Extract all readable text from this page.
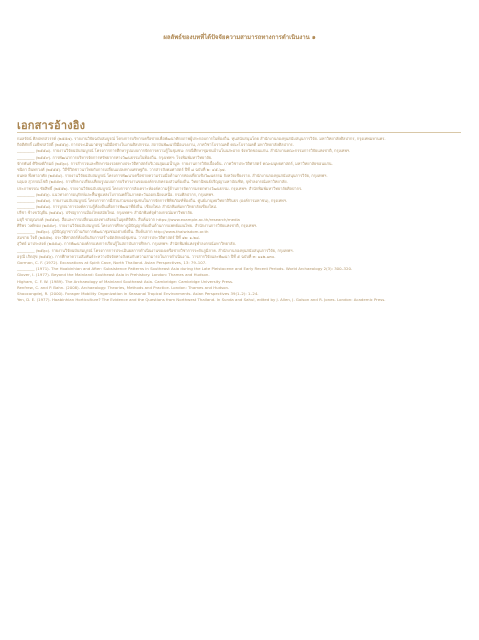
ผลลัพธ์ของบทที่ได้ปัจจัยความสามารถทางการดำเนินงาน ๑
เอกสารอ้างอิง
กมลรัตน์ ศิลปพรสวรรค์ (๒๕๕๗). รายงานวิจัยฉบับสมบูรณ์ โครงการบริหารเครือข่ายเพื่อพัฒนาศักยภาพผู้ประกอบการในท้องถิ่น. ทุนสนับสนุนโดย สำนักงานกองทุนสนับสนุนการวิจัย. มหาวิทยาลัยศิลปากร, กรุงเทพมหานคร.
กิตติศักดิ์ เมธีพรสวัสดิ์ (๒๕๕๖). การประเมินมาตรฐานฝีมือช่างในงานศิลปกรรม. สถาบันพัฒนาฝีมือแรงงาน, ภาควิชาโบราณคดี คณะโบราณคดี มหาวิทยาลัยศิลปากร.
_________ (๒๕๕๘). รายงานวิจัยฉบับสมบูรณ์ โครงการการศึกษารูปแบบการจัดการความรู้ในชุมชน: กรณีศึกษาชุมชนบ้านโนนสะอาด จังหวัดขอนแก่น. สำนักงานคณะกรรมการวิจัยแห่งชาติ, กรุงเทพฯ.
_________ (๒๕๕๙). การพัฒนาการบริหารจัดการทรัพยากรทางวัฒนธรรมในท้องถิ่น. กรุงเทพฯ: โรงพิมพ์มหาวิทยาลัย.
จักรพันธ์ ศิริพงศ์ภิรมย์ (๒๕๖๐). การสำรวจและศึกษาร่องรอยทางประวัติศาสตร์บริเวณลุ่มแม่น้ำมูล: รายงานการวิจัยเบื้องต้น. ภาควิชาประวัติศาสตร์ คณะมนุษยศาสตร์, มหาวิทยาลัยขอนแก่น.
ชนิดา อินทรวงศ์ (๒๕๕๕). วิถีชีวิตชาวนาไทยกับการเปลี่ยนแปลงทางเศรษฐกิจ. วารสารสังคมศาสตร์ ปีที่ ๘ ฉบับที่ ๒: ๔๕-๖๗.
ธนพล พึ่งพาอาศัย (๒๕๕๔). รายงานวิจัยฉบับสมบูรณ์ โครงการพัฒนาเครือข่ายความร่วมมือด้านการท่องเที่ยวเชิงวัฒนธรรม จังหวัดเชียงราย. สำนักงานกองทุนสนับสนุนการวิจัย, กรุงเทพฯ.
นฤมล สุวรรณโชติ (๒๕๕๓). การศึกษาเปรียบเทียบรูปแบบการบริหารงานขององค์กรปกครองส่วนท้องถิ่น. วิทยานิพนธ์ปริญญามหาบัณฑิต, จุฬาลงกรณ์มหาวิทยาลัย.
ประภาพรรณ ชัยสิทธิ์ (๒๕๕๒). รายงานวิจัยฉบับสมบูรณ์ โครงการการสังเคราะห์องค์ความรู้ด้านการจัดการมรดกทางวัฒนธรรม. กรุงเทพฯ: สำนักพิมพ์มหาวิทยาลัยศิลปากร.
_________ (๒๕๕๖). แนวทางการอนุรักษ์และฟื้นฟูแหล่งโบราณคดีในภาคตะวันออกเฉียงเหนือ. กรมศิลปากร, กรุงเทพฯ.
_________ (๒๕๕๗). รายงานฉบับสมบูรณ์ โครงการการมีส่วนร่วมของชุมชนในการจัดการพิพิธภัณฑ์ท้องถิ่น. ศูนย์มานุษยวิทยาสิรินธร (องค์การมหาชน), กรุงเทพฯ.
_________ (๒๕๕๘). การบูรณาการองค์ความรู้ท้องถิ่นเพื่อการพัฒนาที่ยั่งยืน. เชียงใหม่: สำนักพิมพ์มหาวิทยาลัยเชียงใหม่.
ปรีชา ช้างขวัญยืน (๒๕๕๔). ปรัชญาการเมืองไทยสมัยใหม่. กรุงเทพฯ: สำนักพิมพ์จุฬาลงกรณ์มหาวิทยาลัย.
มยุรี ชาญณรงค์ (๒๕๕๗). สื่อและการเปลี่ยนแปลงทางสังคมในยุคดิจิทัล. สืบค้นจาก https://www.example.ac.th/research/media
ศิริพร วงศ์ทอง (๒๕๕๙). รายงานวิจัยฉบับสมบูรณ์ โครงการศึกษาภูมิปัญญาท้องถิ่นด้านการแพทย์แผนไทย. สำนักงานการวิจัยแห่งชาติ, กรุงเทพฯ.
_________ (๒๕๖๐). ภูมิปัญญาชาวบ้านกับการพัฒนาชุมชนอย่างยั่งยืน. สืบค้นจาก http://www.thaiwisdom.or.th
สมชาย ใจดี (๒๕๕๒). ประวัติศาสตร์ท้องถิ่นกับการสร้างอัตลักษณ์ชุมชน. วารสารประวัติศาสตร์ ปีที่ ๑๒: ๑-๒๔.
สุวิทย์ มาประสงค์ (๒๕๕๘). การพัฒนาองค์กรแห่งการเรียนรู้ในสถาบันการศึกษา. กรุงเทพฯ: สำนักพิมพ์แห่งจุฬาลงกรณ์มหาวิทยาลัย.
_________ (๒๕๖๐). รายงานวิจัยฉบับสมบูรณ์ โครงการการประเมินผลการดำเนินงานของเครือข่ายวิชาการระดับภูมิภาค. สำนักงานกองทุนสนับสนุนการวิจัย, กรุงเทพฯ.
อรุณี เกิดสุข (๒๕๕๖). การศึกษาความสัมพันธ์ระหว่างปัจจัยทางสังคมกับความสามารถในการดำเนินงาน. วารสารวิจัยและพัฒนา ปีที่ ๕ ฉบับที่ ๓: ๑๑๒-๑๓๐.
Gorman, C. F. (1972). Excavations at Spirit Cave, North Thailand. Asian Perspectives, 13: 79–107.
_________ (1971). The Hoabinhian and After: Subsistence Patterns in Southeast Asia during the Late Pleistocene and Early Recent Periods. World Archaeology 2(3): 300–320.
Glover, I. (1977). Beyond the Mainland: Southeast Asia in Prehistory. London: Thames and Hudson.
Higham, C. F. W. (1989). The Archaeology of Mainland Southeast Asia. Cambridge: Cambridge University Press.
Renfrew, C. and P. Bahn. (2008). Archaeology: Theories, Methods and Practice. London: Thames and Hudson.
Shoocongdej, R. (2000). Forager Mobility Organization in Seasonal Tropical Environments. Asian Perspectives 39(1–2): 1–24.
Yen, D. E. (1977). Hoabinhian Horticulture? The Evidence and the Questions from Northwest Thailand. In Sunda and Sahul, edited by J. Allen, J. Golson and R. Jones. London: Academic Press.
